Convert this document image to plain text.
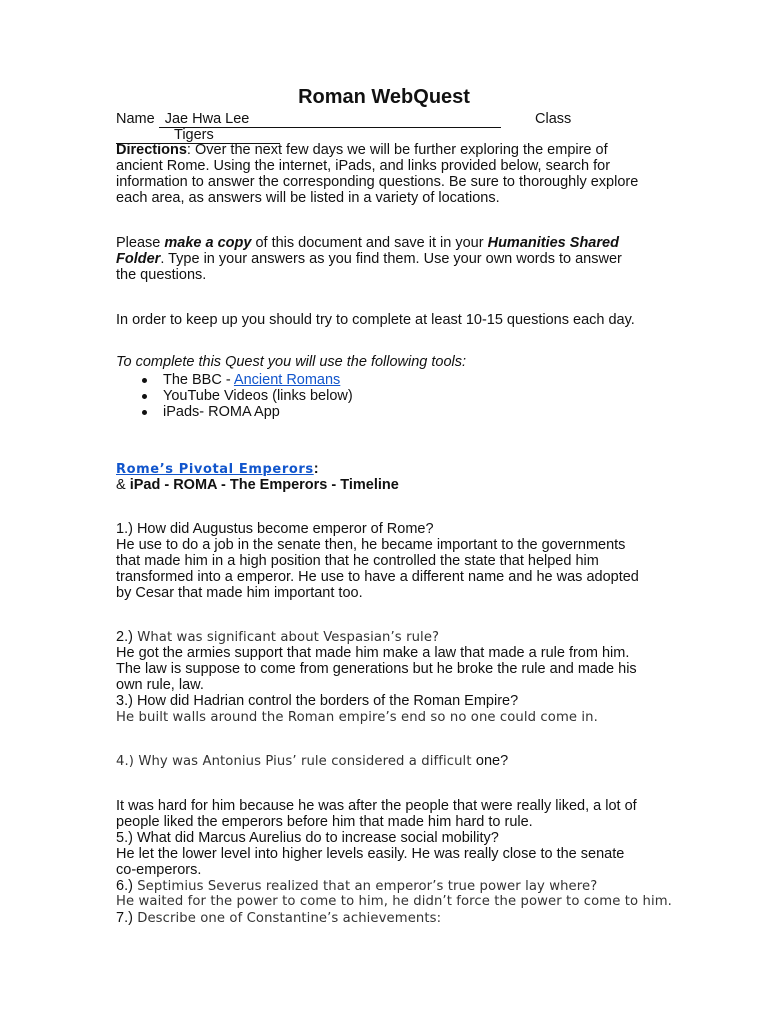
Roman WebQuest
Name Jae Hwa Lee	Class
Tigers
Directions: Over the next few days we will be further exploring the empire of ancient Rome. Using the internet, iPads, and links provided below, search for information to answer the corresponding questions. Be sure to thoroughly explore each area, as answers will be listed in a variety of locations.
Please make a copy of this document and save it in your Humanities Shared Folder. Type in your answers as you find them. Use your own words to answer the questions.
In order to keep up you should try to complete at least 10-15 questions each day.
To complete this Quest you will use the following tools:
The BBC - Ancient Romans
YouTube Videos (links below)
iPads- ROMA App
Rome’s Pivotal Emperors:
& iPad - ROMA - The Emperors - Timeline
1.) How did Augustus become emperor of Rome?
He use to do a job in the senate then, he became important to the governments that made him in a high position that he controlled the state that helped him transformed into a emperor. He use to have a different name and he was adopted by Cesar that made him important too.
2.) What was significant about Vespasian’s rule?
He got the armies support that made him make a law that made a rule from him. The law is suppose to come from generations but he broke the rule and made his own rule, law.
3.) How did Hadrian control the borders of the Roman Empire?
He built walls around the Roman empire’s end so no one could come in.
4.) Why was Antonius Pius’ rule considered a difficult one?
It was hard for him because he was after the people that were really liked, a lot of people liked the emperors before him that made him hard to rule.
5.) What did Marcus Aurelius do to increase social mobility?
He let the lower level into higher levels easily. He was really close to the senate co-emperors.
6.) Septimius Severus realized that an emperor’s true power lay where?
He waited for the power to come to him, he didn’t force the power to come to him.
7.) Describe one of Constantine’s achievements:
